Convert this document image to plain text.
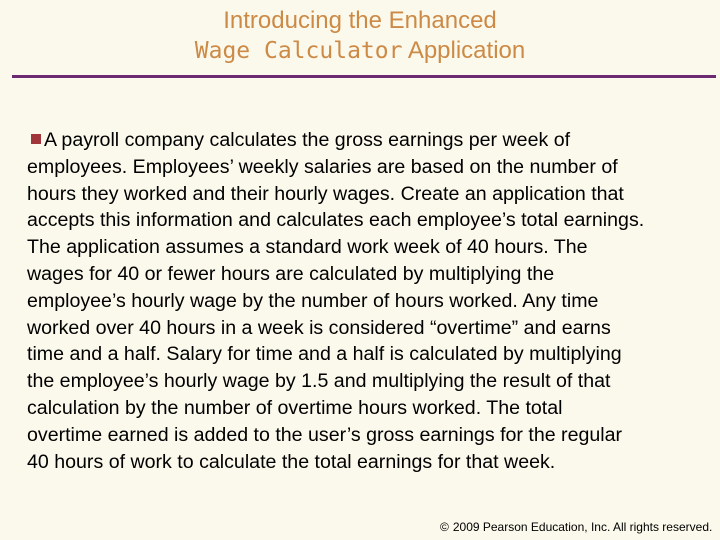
Introducing the Enhanced
Wage Calculator Application
A payroll company calculates the gross earnings per week of
employees. Employees’ weekly salaries are based on the number of
hours they worked and their hourly wages. Create an application that
accepts this information and calculates each employee’s total earnings.
The application assumes a standard work week of 40 hours. The
wages for 40 or fewer hours are calculated by multiplying the
employee’s hourly wage by the number of hours worked. Any time
worked over 40 hours in a week is considered “overtime” and earns
time and a half. Salary for time and a half is calculated by multiplying
the employee’s hourly wage by 1.5 and multiplying the result of that
calculation by the number of overtime hours worked. The total
overtime earned is added to the user’s gross earnings for the regular
40 hours of work to calculate the total earnings for that week.
© 2009 Pearson Education, Inc. All rights reserved.
